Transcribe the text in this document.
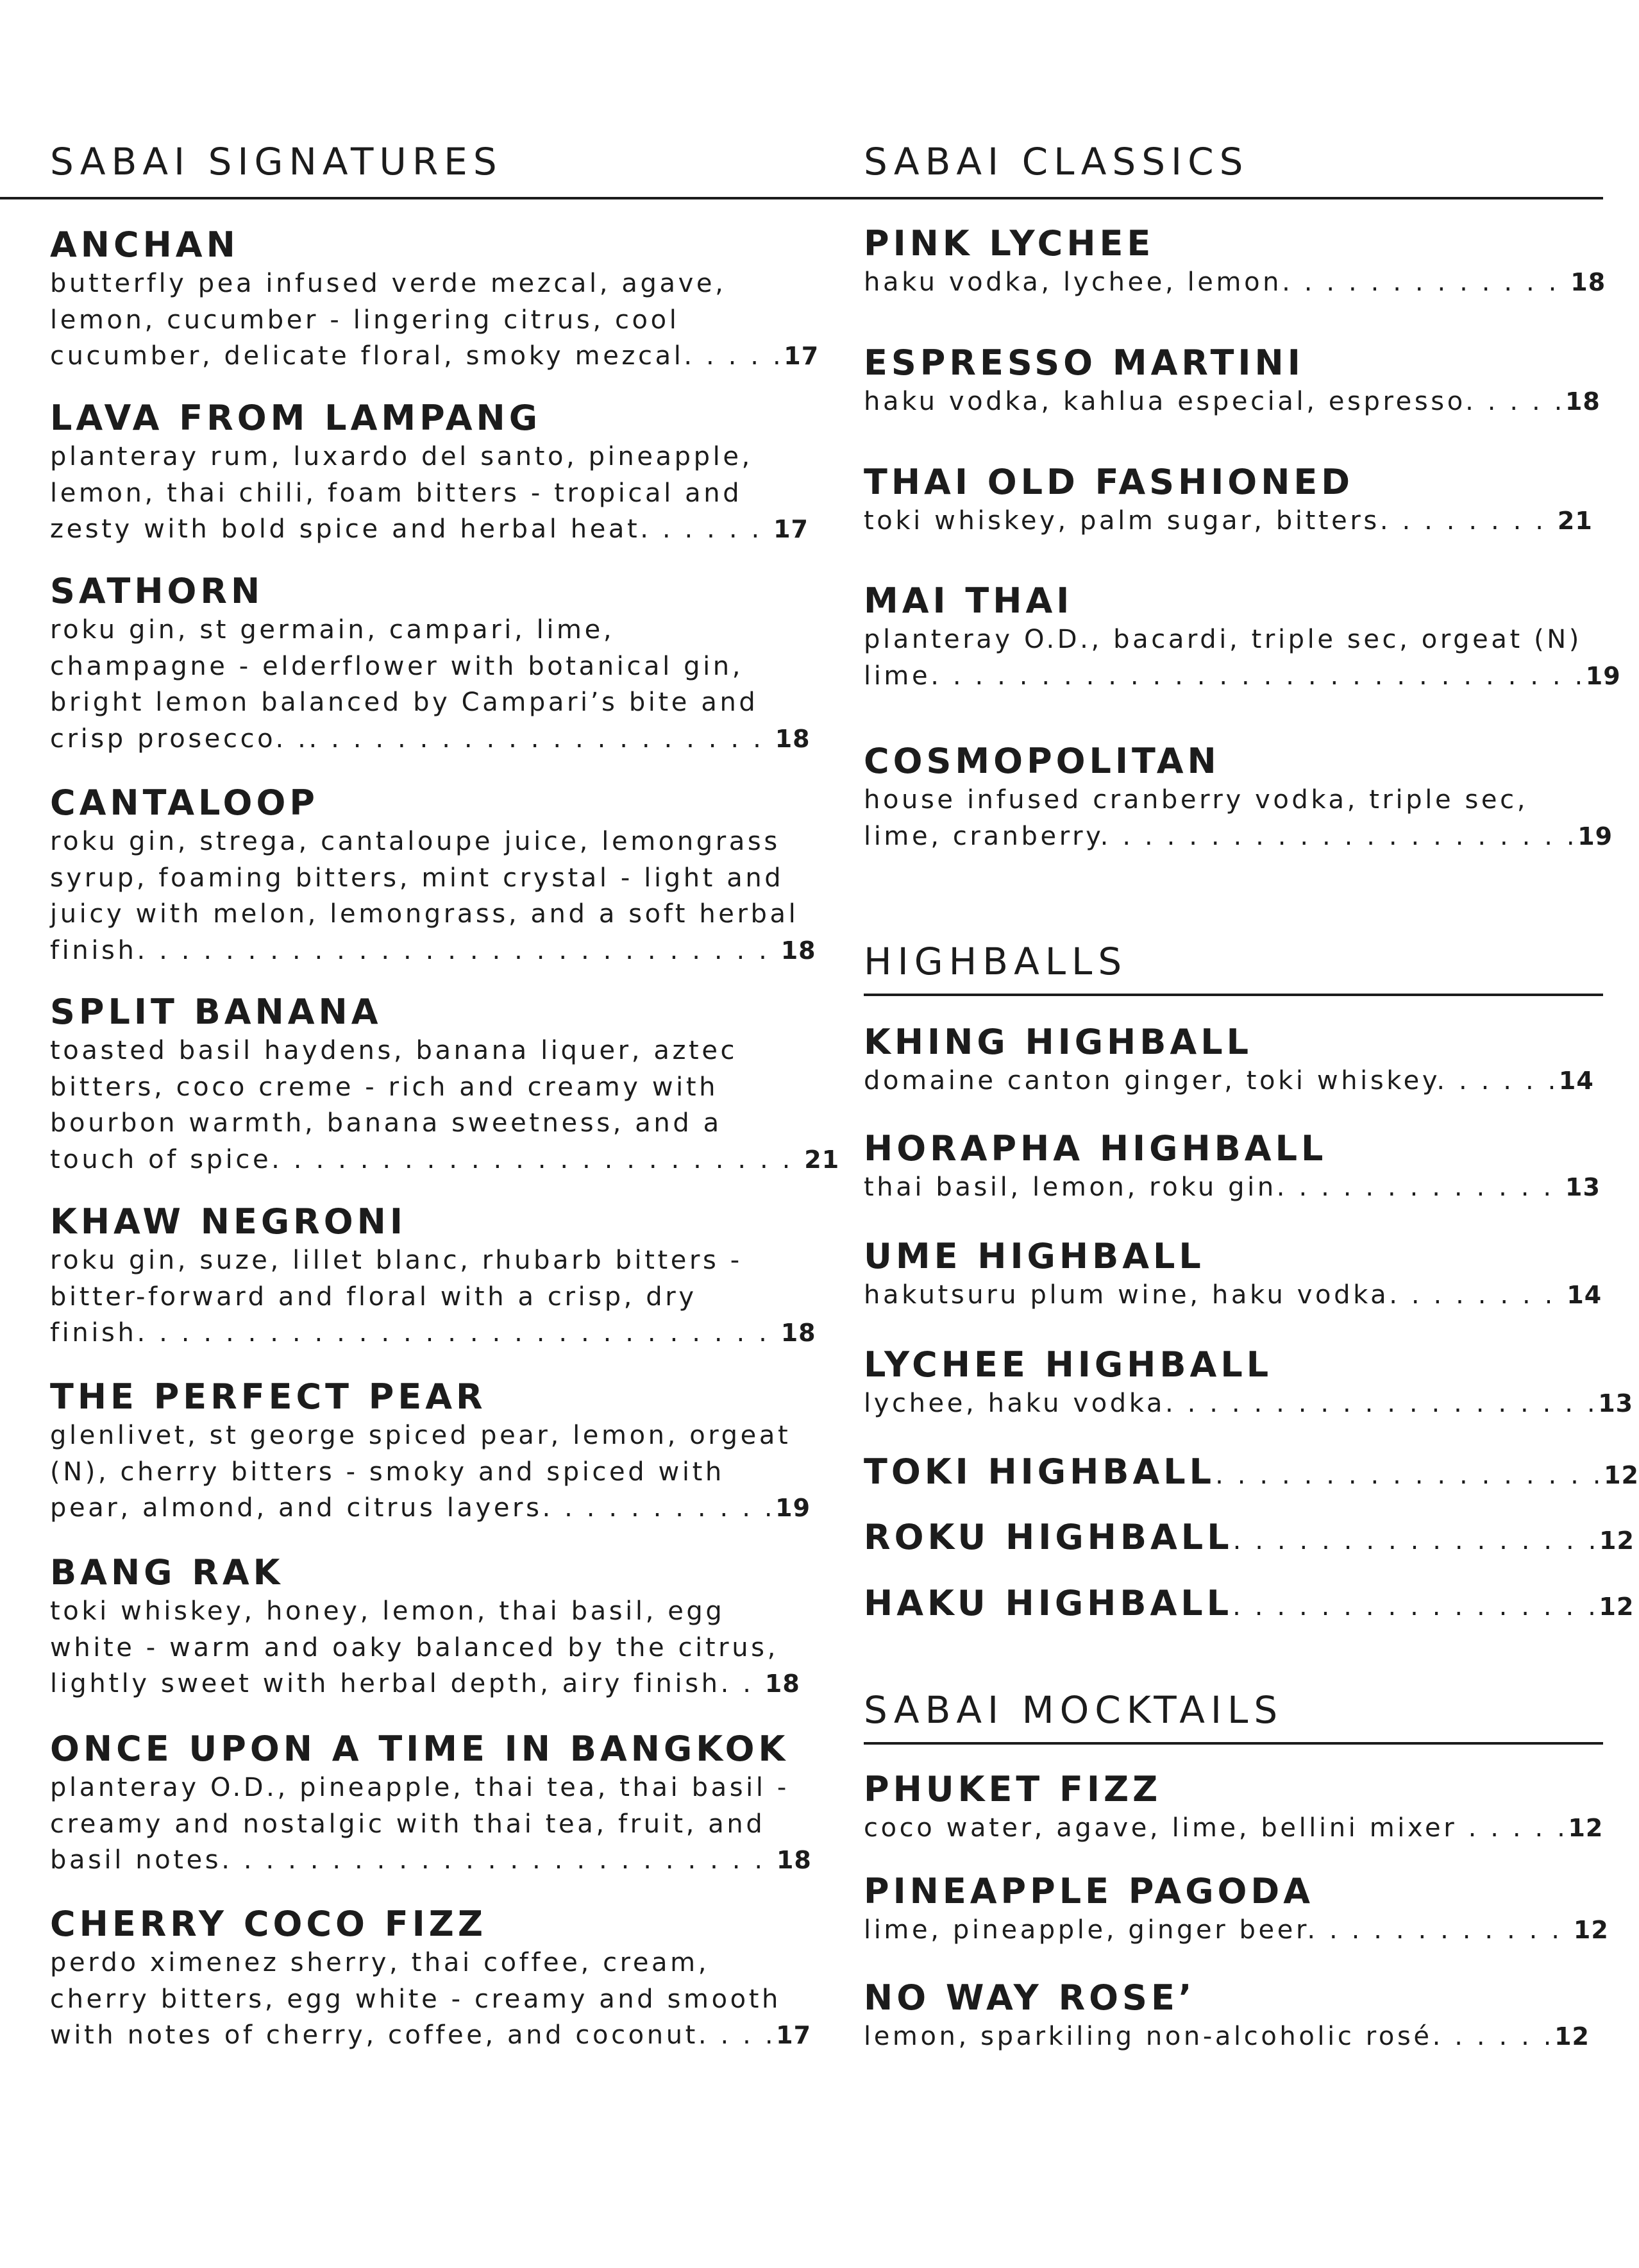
SABAI SIGNATURES
ANCHAN
butterfly pea infused verde mezcal, agave,
lemon, cucumber - lingering citrus, cool
cucumber, delicate floral, smoky mezcal. . . . .17
LAVA FROM LAMPANG
planteray rum, luxardo del santo, pineapple,
lemon, thai chili, foam bitters - tropical and
zesty with bold spice and herbal heat. . . . . . 17
SATHORN
roku gin, st germain, campari, lime,
champagne - elderflower with botanical gin,
bright lemon balanced by Campari’s bite and
crisp prosecco. .. . . . . . . . . . . . . . . . . . . . . 18
CANTALOOP
roku gin, strega, cantaloupe juice, lemongrass
syrup, foaming bitters, mint crystal - light and
juicy with melon, lemongrass, and a soft herbal
finish. . . . . . . . . . . . . . . . . . . . . . . . . . . . . 18
SPLIT BANANA
toasted basil haydens, banana liquer, aztec
bitters, coco creme - rich and creamy with
bourbon warmth, banana sweetness, and a
touch of spice. . . . . . . . . . . . . . . . . . . . . . . . 21
KHAW NEGRONI
roku gin, suze, lillet blanc, rhubarb bitters -
bitter-forward and floral with a crisp, dry
finish. . . . . . . . . . . . . . . . . . . . . . . . . . . . . 18
THE PERFECT PEAR
glenlivet, st george spiced pear, lemon, orgeat
(N), cherry bitters - smoky and spiced with
pear, almond, and citrus layers. . . . . . . . . . .19
BANG RAK
toki whiskey, honey, lemon, thai basil, egg
white - warm and oaky balanced by the citrus,
lightly sweet with herbal depth, airy finish. . 18
ONCE UPON A TIME IN BANGKOK
planteray O.D., pineapple, thai tea, thai basil -
creamy and nostalgic with thai tea, fruit, and
basil notes. . . . . . . . . . . . . . . . . . . . . . . . . 18
CHERRY COCO FIZZ
perdo ximenez sherry, thai coffee, cream,
cherry bitters, egg white - creamy and smooth
with notes of cherry, coffee, and coconut. . . .17
SABAI CLASSICS
PINK LYCHEE
haku vodka, lychee, lemon. . . . . . . . . . . . . 18
ESPRESSO MARTINI
haku vodka, kahlua especial, espresso. . . . .18
THAI OLD FASHIONED
toki whiskey, palm sugar, bitters. . . . . . . . 21
MAI THAI
planteray O.D., bacardi, triple sec, orgeat (N)
lime. . . . . . . . . . . . . . . . . . . . . . . . . . . . . .19
COSMOPOLITAN
house infused cranberry vodka, triple sec,
lime, cranberry. . . . . . . . . . . . . . . . . . . . . .19
HIGHBALLS
KHING HIGHBALL
domaine canton ginger, toki whiskey. . . . . .14
HORAPHA HIGHBALL
thai basil, lemon, roku gin. . . . . . . . . . . . . 13
UME HIGHBALL
hakutsuru plum wine, haku vodka. . . . . . . . 14
LYCHEE HIGHBALL
lychee, haku vodka. . . . . . . . . . . . . . . . . . . .13
TOKI HIGHBALL. . . . . . . . . . . . . . . . . .12
ROKU HIGHBALL. . . . . . . . . . . . . . . . .12
HAKU HIGHBALL. . . . . . . . . . . . . . . . .12
SABAI MOCKTAILS
PHUKET FIZZ
coco water, agave, lime, bellini mixer . . . . .12
PINEAPPLE PAGODA
lime, pineapple, ginger beer. . . . . . . . . . . . 12
NO WAY ROSE’
lemon, sparkiling non-alcoholic rosé. . . . . .12
